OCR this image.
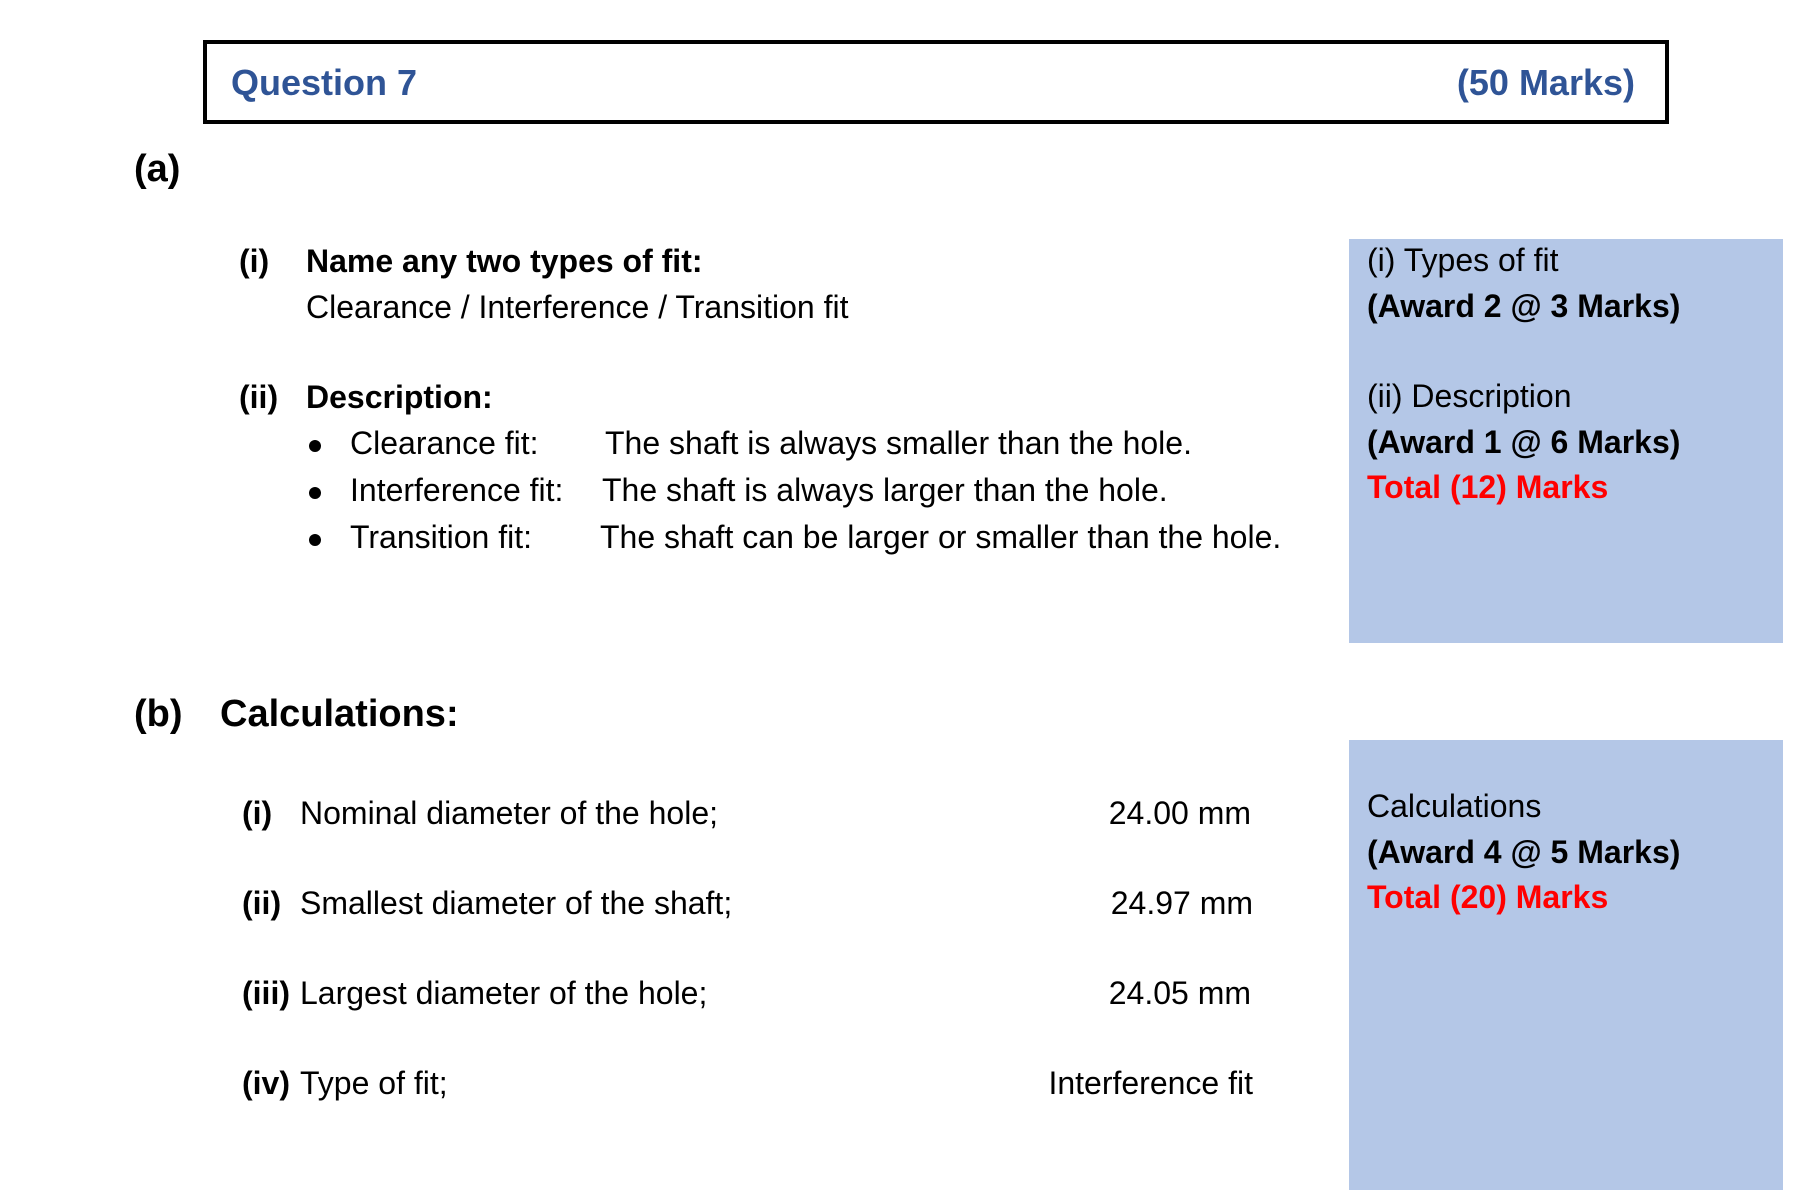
Question 7	(50 Marks)
(a)
(i) Name any two types of fit:
Clearance / Interference / Transition fit
(ii) Description:
Clearance fit: The shaft is always smaller than the hole.
Interference fit: The shaft is always larger than the hole.
Transition fit: The shaft can be larger or smaller than the hole.
(i) Types of fit
(Award 2 @ 3 Marks)
(ii) Description
(Award 1 @ 6 Marks)
Total (12) Marks
(b) Calculations:
(i) Nominal diameter of the hole;	24.00 mm
(ii) Smallest diameter of the shaft;	24.97 mm
(iii) Largest diameter of the hole;	24.05 mm
(iv) Type of fit;	Interference fit
Calculations
(Award 4 @ 5 Marks)
Total (20) Marks
